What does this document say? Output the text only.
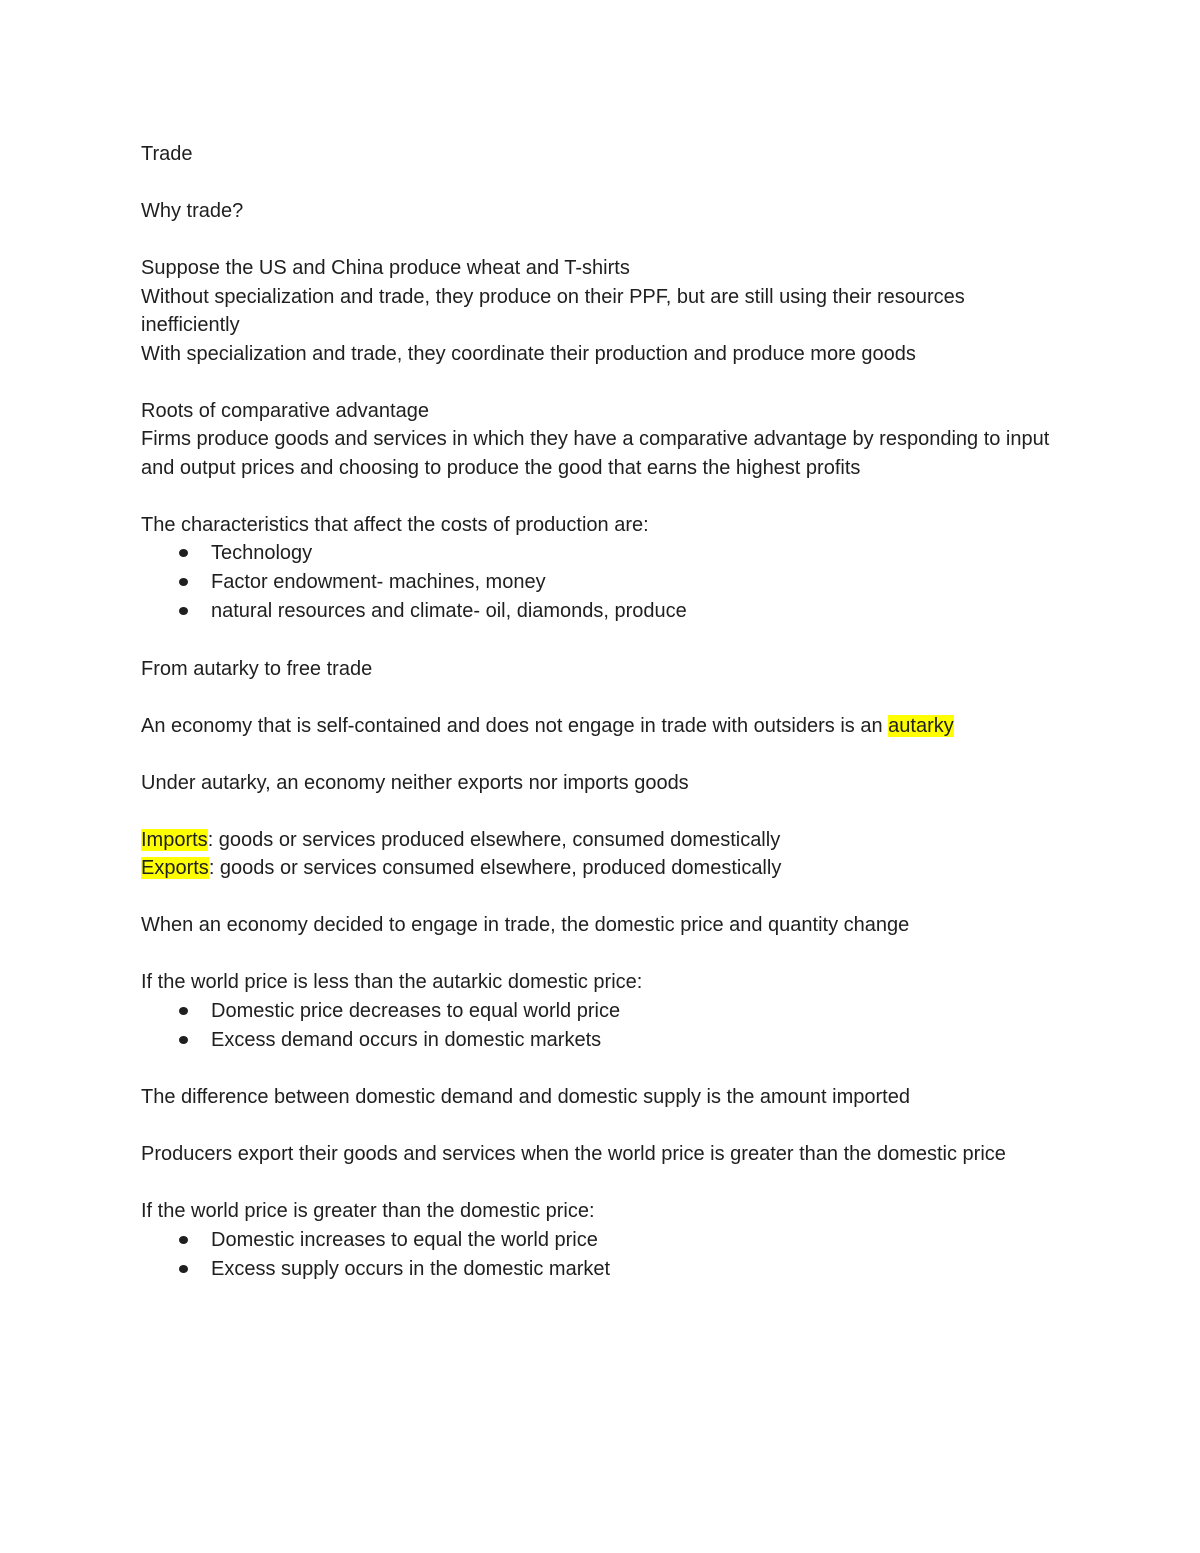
Trade

Why trade?

Suppose the US and China produce wheat and T-shirts

Without specialization and trade, they produce on their PPF, but are still using their resources inefficiently

With specialization and trade, they coordinate their production and produce more goods

Roots of comparative advantage

Firms produce goods and services in which they have a comparative advantage by responding to input and output prices and choosing to produce the good that earns the highest profits

The characteristics that affect the costs of production are:

Technology
Factor endowment- machines, money
natural resources and climate- oil, diamonds, produce

From autarky to free trade

An economy that is self-contained and does not engage in trade with outsiders is an autarky

Under autarky, an economy neither exports nor imports goods

Imports: goods or services produced elsewhere, consumed domestically

Exports: goods or services consumed elsewhere, produced domestically

When an economy decided to engage in trade, the domestic price and quantity change

If the world price is less than the autarkic domestic price:

Domestic price decreases to equal world price
Excess demand occurs in domestic markets

The difference between domestic demand and domestic supply is the amount imported

Producers export their goods and services when the world price is greater than the domestic price

If the world price is greater than the domestic price:

Domestic increases to equal the world price
Excess supply occurs in the domestic market
